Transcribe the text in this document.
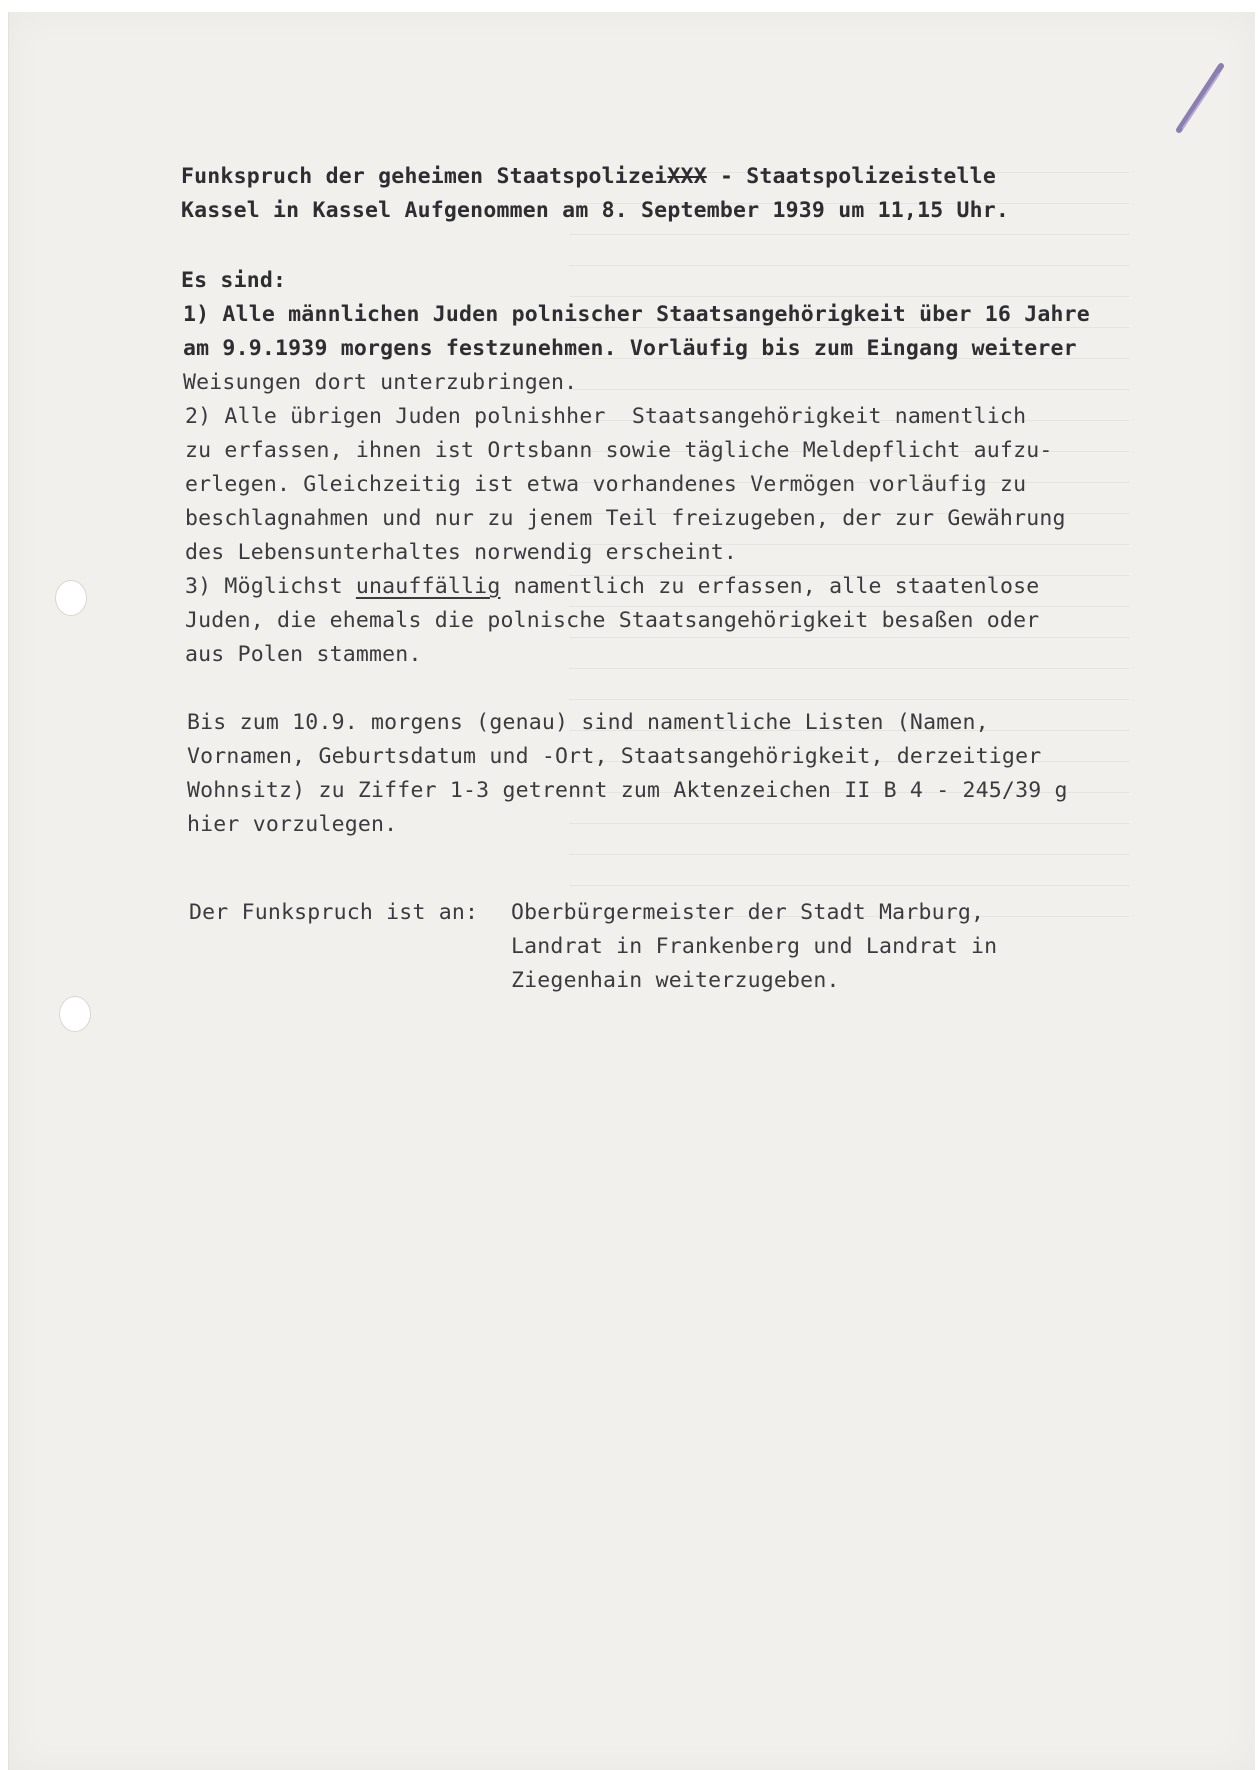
Funkspruch der geheimen StaatspolizeiXXX - Staatspolizeistelle
Kassel in Kassel Aufgenommen am 8. September 1939 um 11,15 Uhr.
Es sind:
1) Alle männlichen Juden polnischer Staatsangehörigkeit über 16 Jahre
am 9.9.1939 morgens festzunehmen. Vorläufig bis zum Eingang weiterer
Weisungen dort unterzubringen.
2) Alle übrigen Juden polnishher  Staatsangehörigkeit namentlich
zu erfassen, ihnen ist Ortsbann sowie tägliche Meldepflicht aufzu-
erlegen. Gleichzeitig ist etwa vorhandenes Vermögen vorläufig zu
beschlagnahmen und nur zu jenem Teil freizugeben, der zur Gewährung
des Lebensunterhaltes norwendig erscheint.
3) Möglichst unauffällig namentlich zu erfassen, alle staatenlose
Juden, die ehemals die polnische Staatsangehörigkeit besaßen oder
aus Polen stammen.
Bis zum 10.9. morgens (genau) sind namentliche Listen (Namen,
Vornamen, Geburtsdatum und -Ort, Staatsangehörigkeit, derzeitiger
Wohnsitz) zu Ziffer 1-3 getrennt zum Aktenzeichen II B 4 - 245/39 g
hier vorzulegen.
Der Funkspruch ist an: Oberbürgermeister der Stadt Marburg,
Landrat in Frankenberg und Landrat in
Ziegenhain weiterzugeben.
